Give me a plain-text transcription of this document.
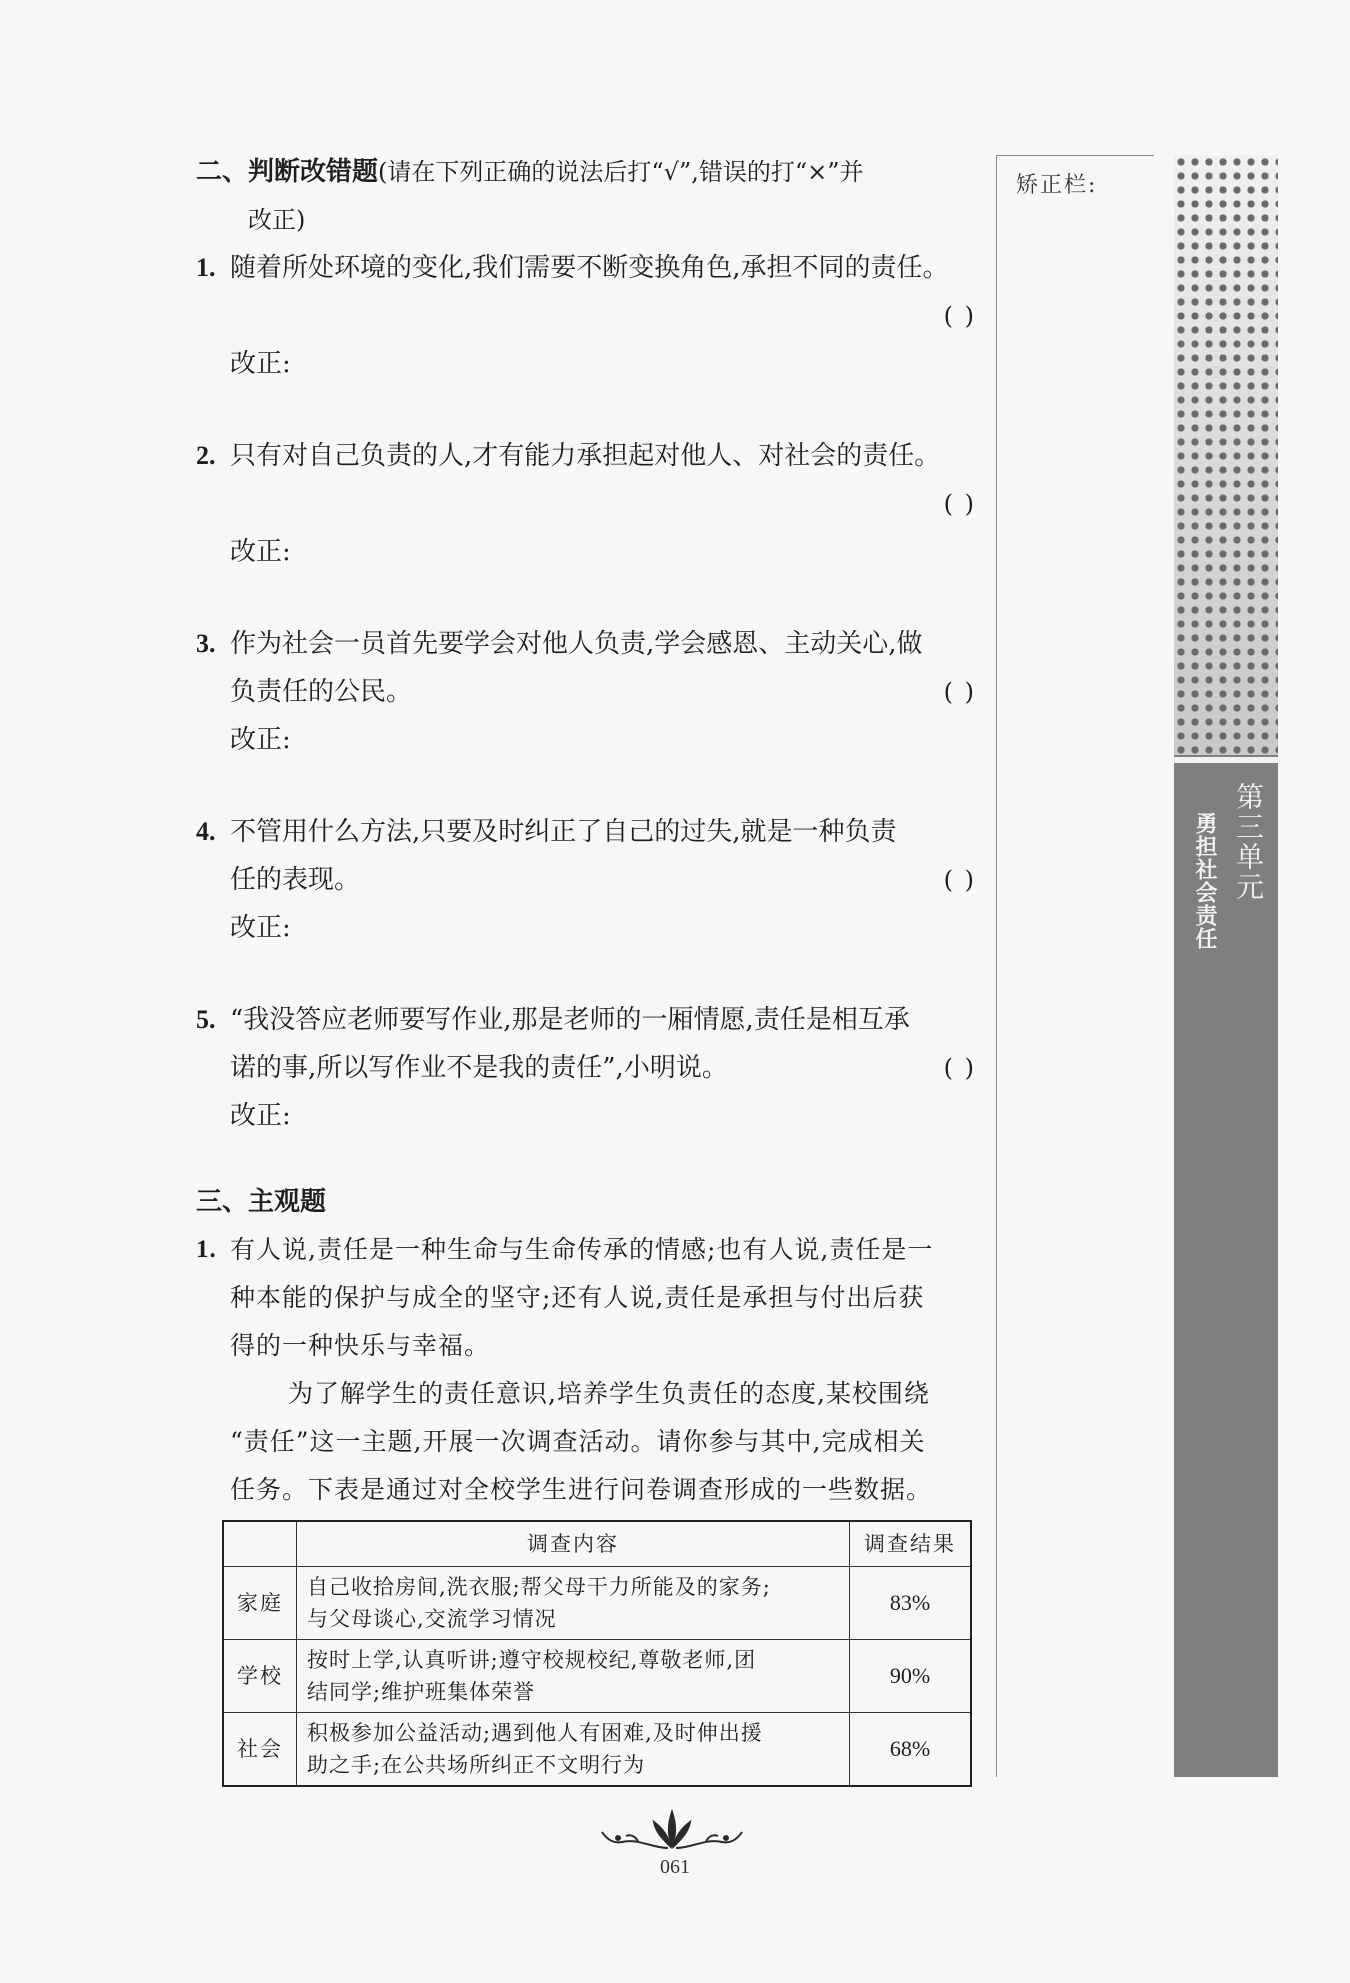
二、判断改错题(请在下列正确的说法后打“√”,错误的打“×”并
改正)
1. 随着所处环境的变化,我们需要不断变换角色,承担不同的责任。
( )
改正:
2. 只有对自己负责的人,才有能力承担起对他人、对社会的责任。
( )
改正:
3. 作为社会一员首先要学会对他人负责,学会感恩、主动关心,做
负责任的公民。	( )
改正:
4. 不管用什么方法,只要及时纠正了自己的过失,就是一种负责
任的表现。	( )
改正:
5. “我没答应老师要写作业,那是老师的一厢情愿,责任是相互承
诺的事,所以写作业不是我的责任”,小明说。	( )
改正:
三、主观题
1. 有人说,责任是一种生命与生命传承的情感;也有人说,责任是一
种本能的保护与成全的坚守;还有人说,责任是承担与付出后获
得的一种快乐与幸福。
为了解学生的责任意识,培养学生负责任的态度,某校围绕
“责任”这一主题,开展一次调查活动。请你参与其中,完成相关
任务。下表是通过对全校学生进行问卷调查形成的一些数据。
	调查内容	调查结果
家庭	自己收拾房间,洗衣服;帮父母干力所能及的家务;
与父母谈心,交流学习情况	83%
学校	按时上学,认真听讲;遵守校规校纪,尊敬老师,团
结同学;维护班集体荣誉	90%
社会	积极参加公益活动;遇到他人有困难,及时伸出援
助之手;在公共场所纠正不文明行为	68%
矫正栏:
第三单元
勇担社会责任
061
